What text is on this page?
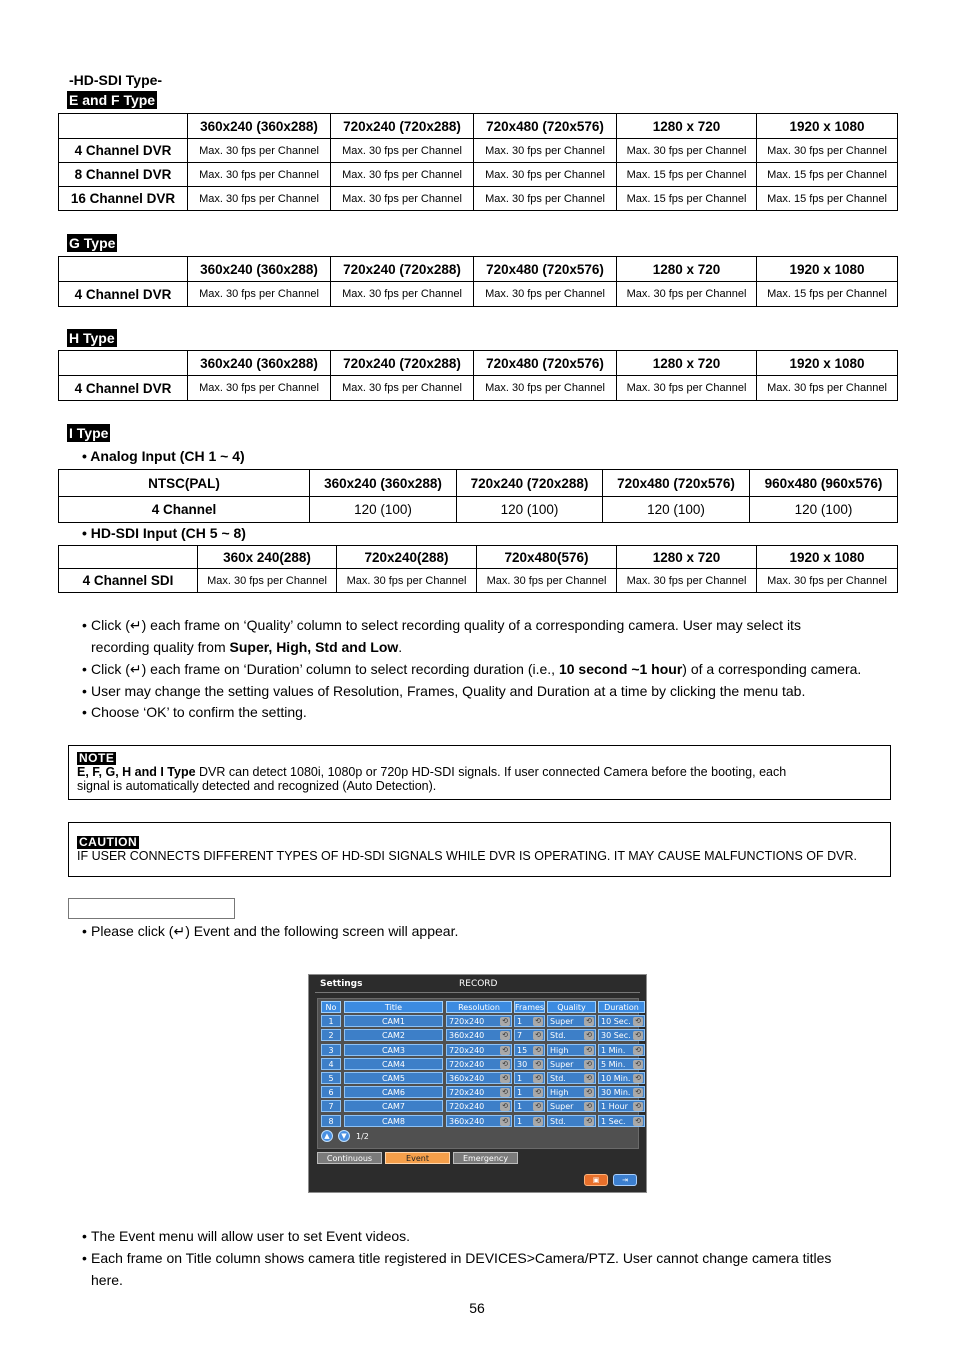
-HD-SDI Type-
E and F Type
	360x240 (360x288)	720x240 (720x288)	720x480 (720x576)	1280 x 720	1920 x 1080
4 Channel DVR	Max. 30 fps per Channel	Max. 30 fps per Channel	Max. 30 fps per Channel	Max. 30 fps per Channel	Max. 30 fps per Channel
8 Channel DVR	Max. 30 fps per Channel	Max. 30 fps per Channel	Max. 30 fps per Channel	Max. 15 fps per Channel	Max. 15 fps per Channel
16 Channel DVR	Max. 30 fps per Channel	Max. 30 fps per Channel	Max. 30 fps per Channel	Max. 15 fps per Channel	Max. 15 fps per Channel
G Type
	360x240 (360x288)	720x240 (720x288)	720x480 (720x576)	1280 x 720	1920 x 1080
4 Channel DVR	Max. 30 fps per Channel	Max. 30 fps per Channel	Max. 30 fps per Channel	Max. 30 fps per Channel	Max. 15 fps per Channel
H Type
	360x240 (360x288)	720x240 (720x288)	720x480 (720x576)	1280 x 720	1920 x 1080
4 Channel DVR	Max. 30 fps per Channel	Max. 30 fps per Channel	Max. 30 fps per Channel	Max. 30 fps per Channel	Max. 30 fps per Channel
I Type
• Analog Input (CH 1 ~ 4)
NTSC(PAL)	360x240 (360x288)	720x240 (720x288)	720x480 (720x576)	960x480 (960x576)
4 Channel	120 (100)	120 (100)	120 (100)	120 (100)
• HD-SDI Input (CH 5 ~ 8)
	360x 240(288)	720x240(288)	720x480(576)	1280 x 720	1920 x 1080
4 Channel SDI	Max. 30 fps per Channel	Max. 30 fps per Channel	Max. 30 fps per Channel	Max. 30 fps per Channel	Max. 30 fps per Channel
• Click (↵) each frame on ‘Quality’ column to select recording quality of a corresponding camera. User may select its
recording quality from Super, High, Std and Low.
• Click (↵) each frame on ‘Duration’ column to select recording duration (i.e., 10 second ~1 hour) of a corresponding camera.
• User may change the setting values of Resolution, Frames, Quality and Duration at a time by clicking the menu tab.
• Choose ‘OK’ to confirm the setting.
NOTE
E, F, G, H and I Type DVR can detect 1080i, 1080p or 720p HD-SDI signals. If user connected Camera before the booting, each
signal is automatically detected and recognized (Auto Detection).
CAUTION
IF USER CONNECTS DIFFERENT TYPES OF HD-SDI SIGNALS WHILE DVR IS OPERATING. IT MAY CAUSE MALFUNCTIONS OF DVR.
• Please click (↵) Event and the following screen will appear.
Settings	RECORD
No	Title	Resolution	Frames	Quality	Duration
1	CAM1	720x240	⟲	1 ⟲	Super ⟲	10 Sec. ⟲
2	CAM2	360x240	⟲	7 ⟲	Std.	⟲	30 Sec. ⟲
3	CAM3	720x240	⟲	15 ⟲	High	⟲	1 Min. ⟲
4	CAM4	720x240	⟲	30 ⟲	Super ⟲	5 Min. ⟲
5	CAM5	360x240	⟲	1 ⟲	Std.	⟲	10 Min. ⟲
6	CAM6	720x240	⟲	1 ⟲	High	⟲	30 Min. ⟲
7	CAM7	720x240	⟲	1 ⟲	Super ⟲	1 Hour ⟲
8	CAM8	360x240	⟲	1 ⟲	Std.	⟲	1 Sec. ⟲
▲	▼	1/2
Continuous	Event	Emergency
▣	⇥
• The Event menu will allow user to set Event videos.
• Each frame on Title column shows camera title registered in DEVICES>Camera/PTZ. User cannot change camera titles
here.
56
